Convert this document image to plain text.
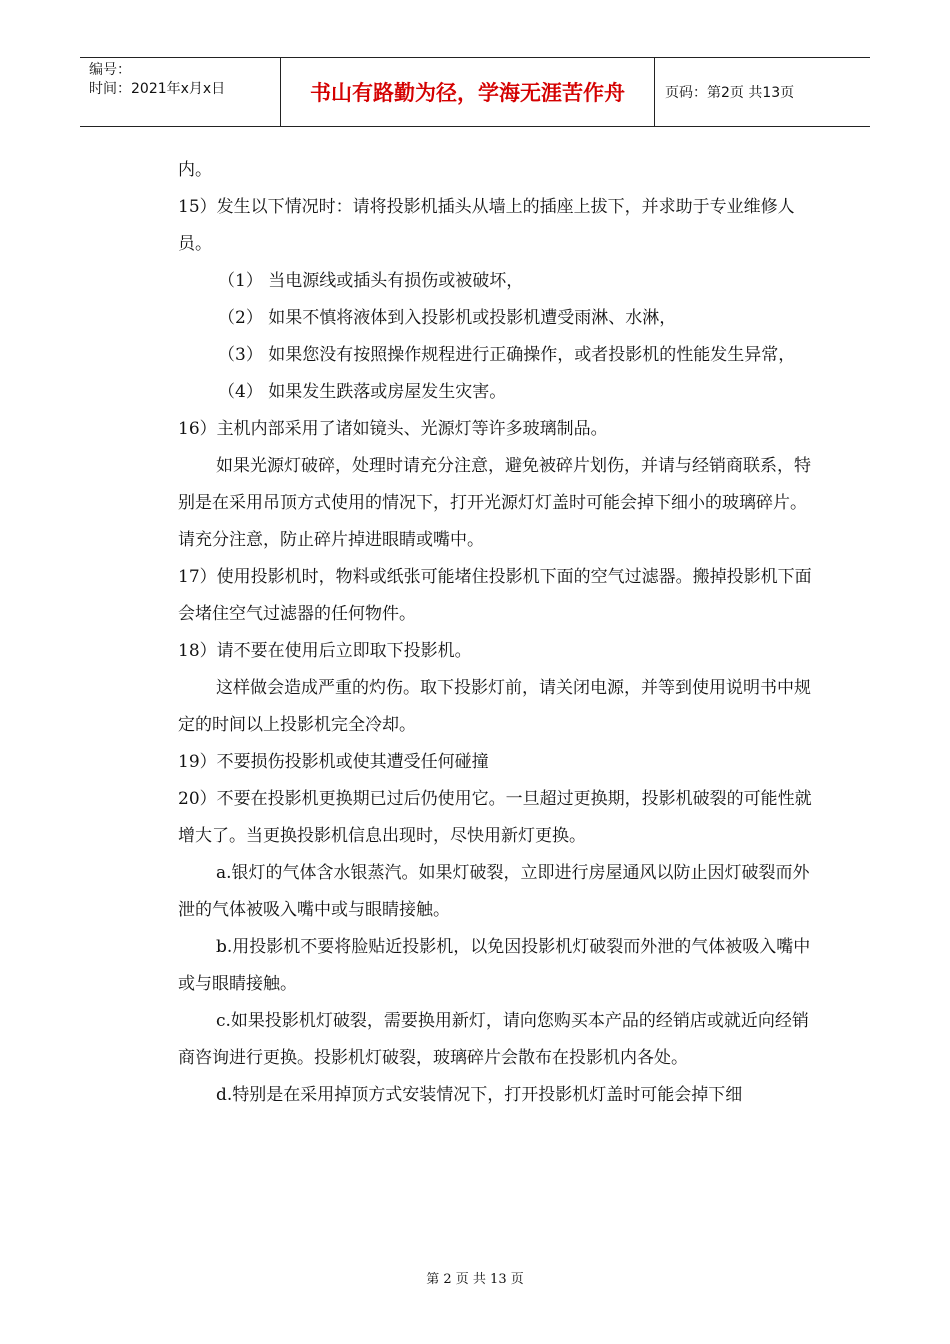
编号：
时间：2021年x月x日	书山有路勤为径，学海无涯苦作舟	页码：第2页 共13页

内。

15）发生以下情况时：请将投影机插头从墙上的插座上拔下，并求助于专业维修人员。

（1） 当电源线或插头有损伤或被破坏，

（2） 如果不慎将液体到入投影机或投影机遭受雨淋、水淋，

（3） 如果您没有按照操作规程进行正确操作，或者投影机的性能发生异常，

（4） 如果发生跌落或房屋发生灾害。

16）主机内部采用了诸如镜头、光源灯等许多玻璃制品。

如果光源灯破碎，处理时请充分注意，避免被碎片划伤，并请与经销商联系，特别是在采用吊顶方式使用的情况下，打开光源灯灯盖时可能会掉下细小的玻璃碎片。请充分注意，防止碎片掉进眼睛或嘴中。

17）使用投影机时，物料或纸张可能堵住投影机下面的空气过滤器。搬掉投影机下面会堵住空气过滤器的任何物件。

18）请不要在使用后立即取下投影机。

这样做会造成严重的灼伤。取下投影灯前，请关闭电源，并等到使用说明书中规定的时间以上投影机完全冷却。

19）不要损伤投影机或使其遭受任何碰撞

20）不要在投影机更换期已过后仍使用它。一旦超过更换期，投影机破裂的可能性就增大了。当更换投影机信息出现时，尽快用新灯更换。

a.银灯的气体含水银蒸汽。如果灯破裂，立即进行房屋通风以防止因灯破裂而外泄的气体被吸入嘴中或与眼睛接触。

b.用投影机不要将脸贴近投影机，以免因投影机灯破裂而外泄的气体被吸入嘴中或与眼睛接触。

c.如果投影机灯破裂，需要换用新灯，请向您购买本产品的经销店或就近向经销商咨询进行更换。投影机灯破裂，玻璃碎片会散布在投影机内各处。

d.特别是在采用掉顶方式安装情况下，打开投影机灯盖时可能会掉下细

第 2 页 共 13 页
